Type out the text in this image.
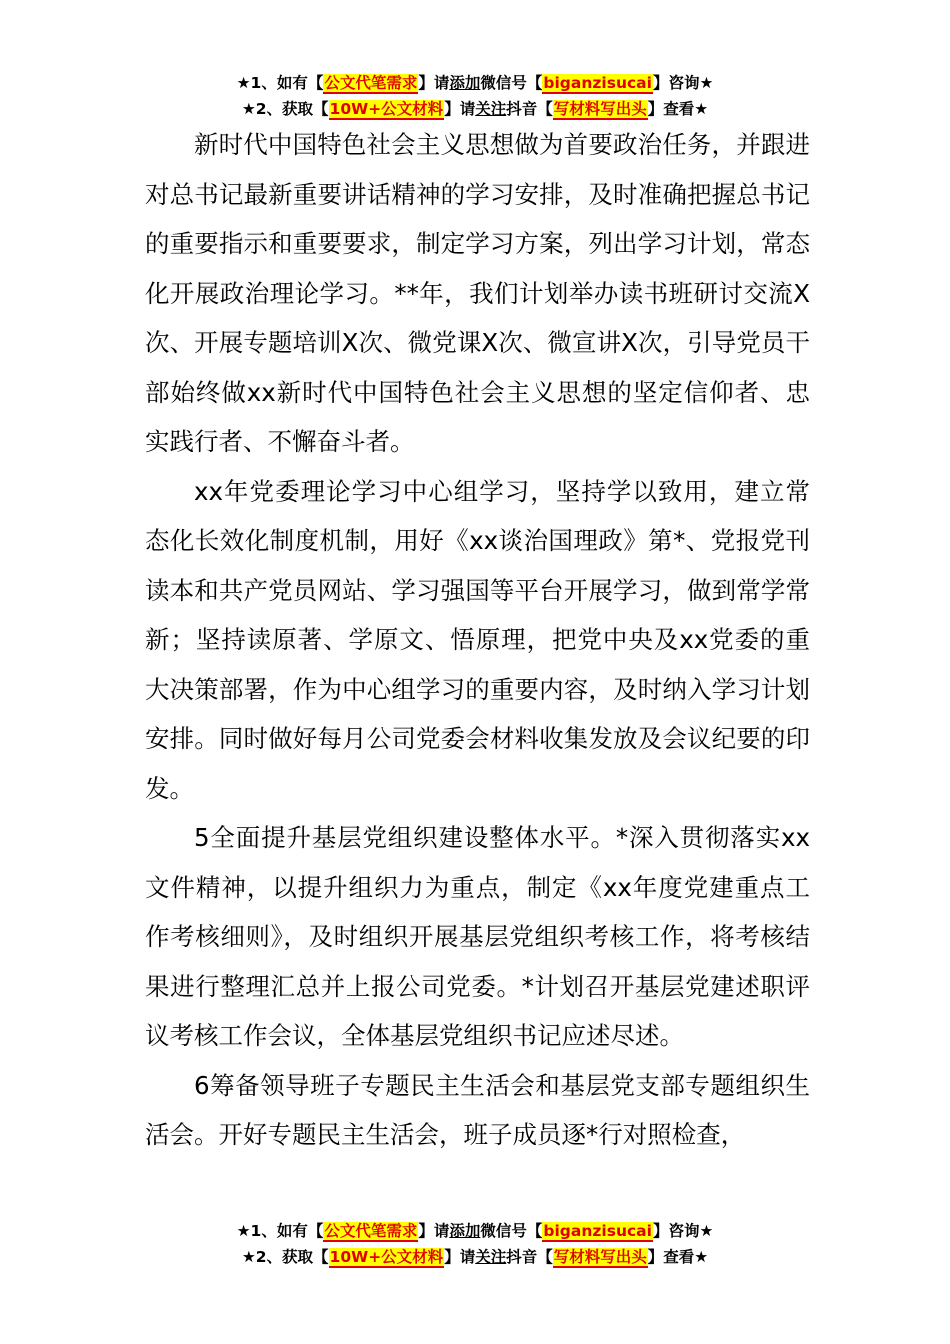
★1、如有【公文代笔需求】请添加微信号【biganzisucai】咨询★
★2、获取【10W+公文材料】请关注抖音【写材料写出头】查看★

新时代中国特色社会主义思想做为首要政治任务，并跟进对总书记最新重要讲话精神的学习安排，及时准确把握总书记的重要指示和重要要求，制定学习方案，列出学习计划，常态化开展政治理论学习。**年，我们计划举办读书班研讨交流X次、开展专题培训X次、微党课X次、微宣讲X次，引导党员干部始终做xx新时代中国特色社会主义思想的坚定信仰者、忠实践行者、不懈奋斗者。

xx年党委理论学习中心组学习，坚持学以致用，建立常态化长效化制度机制，用好《xx谈治国理政》第*、党报党刊读本和共产党员网站、学习强国等平台开展学习，做到常学常新；坚持读原著、学原文、悟原理，把党中央及xx党委的重大决策部署，作为中心组学习的重要内容，及时纳入学习计划安排。同时做好每月公司党委会材料收集发放及会议纪要的印发。

5全面提升基层党组织建设整体水平。*深入贯彻落实xx文件精神，以提升组织力为重点，制定《xx年度党建重点工作考核细则》，及时组织开展基层党组织考核工作，将考核结果进行整理汇总并上报公司党委。*计划召开基层党建述职评议考核工作会议，全体基层党组织书记应述尽述。

6筹备领导班子专题民主生活会和基层党支部专题组织生活会。开好专题民主生活会，班子成员逐*行对照检查，

★1、如有【公文代笔需求】请添加微信号【biganzisucai】咨询★
★2、获取【10W+公文材料】请关注抖音【写材料写出头】查看★
